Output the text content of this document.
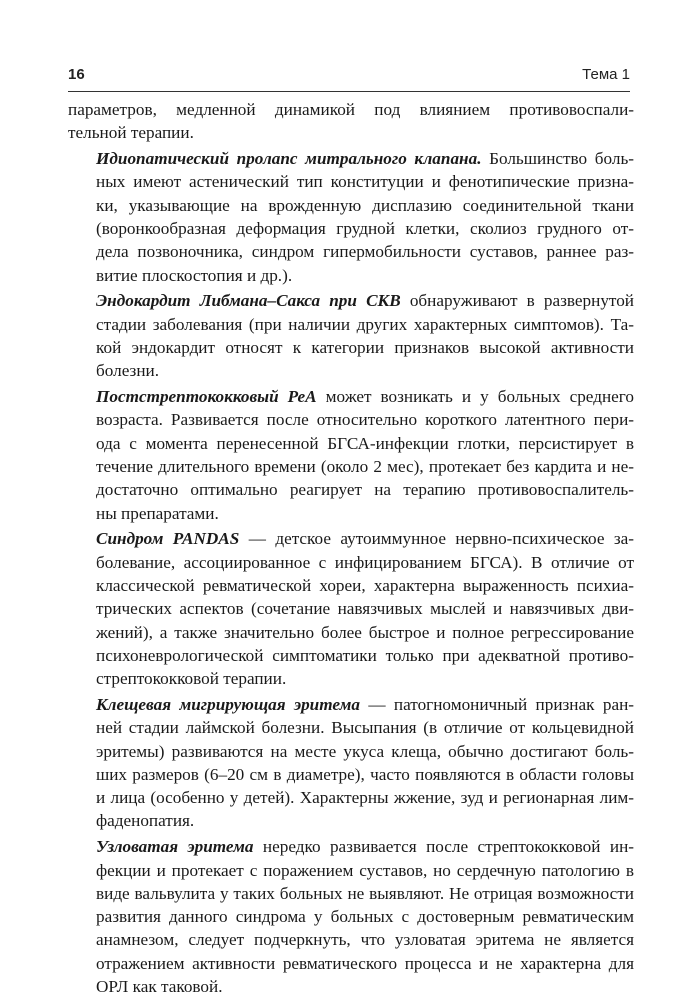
16	Тема 1

параметров, медленной динамикой под влиянием противовоспали-
тельной терапии.

Идиопатический пролапс митрального клапана. Большинство боль-
ных имеют астенический тип конституции и фенотипические призна-
ки, указывающие на врожденную дисплазию соединительной ткани
(воронкообразная деформация грудной клетки, сколиоз грудного от-
дела позвоночника, синдром гипермобильности суставов, раннее раз-
витие плоскостопия и др.).

Эндокардит Либмана–Сакса при СКВ обнаруживают в развернутой
стадии заболевания (при наличии других характерных симптомов). Та-
кой эндокардит относят к категории признаков высокой активности
болезни.

Постстрептококковый РеА может возникать и у больных среднего
возраста. Развивается после относительно короткого латентного пери-
ода с момента перенесенной БГСА-инфекции глотки, персистирует в
течение длительного времени (около 2 мес), протекает без кардита и не-
достаточно оптимально реагирует на терапию противовоспалитель-
ны препаратами.

Синдром PANDAS — детское аутоиммунное нервно-психическое за-
болевание, ассоциированное с инфицированием БГСА). В отличие от
классической ревматической хореи, характерна выраженность психиа-
трических аспектов (сочетание навязчивых мыслей и навязчивых дви-
жений), а также значительно более быстрое и полное регрессирование
психоневрологической симптоматики только при адекватной противо-
стрептококковой терапии.

Клещевая мигрирующая эритема — патогномоничный признак ран-
ней стадии лаймской болезни. Высыпания (в отличие от кольцевидной
эритемы) развиваются на месте укуса клеща, обычно достигают боль-
ших размеров (6–20 см в диаметре), часто появляются в области головы
и лица (особенно у детей). Характерны жжение, зуд и регионарная лим-
фаденопатия.

Узловатая эритема нередко развивается после стрептококковой ин-
фекции и протекает с поражением суставов, но сердечную патологию в
виде вальвулита у таких больных не выявляют. Не отрицая возможности
развития данного синдрома у больных с достоверным ревматическим
анамнезом, следует подчеркнуть, что узловатая эритема не является
отражением активности ревматического процесса и не характерна для
ОРЛ как таковой.
